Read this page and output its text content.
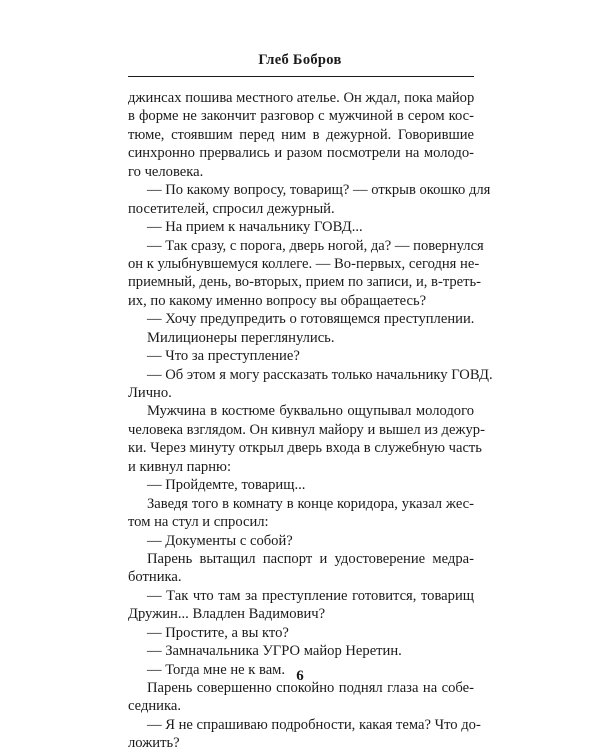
Глеб Бобров
джинсах пошива местного ателье. Он ждал, пока майор
в форме не закончит разговор с мужчиной в сером кос-
тюме, стоявшим перед ним в дежурной. Говорившие
синхронно прервались и разом посмотрели на молодо-
го человека.
— По какому вопросу, товарищ? — открыв окошко для
посетителей, спросил дежурный.
— На прием к начальнику ГОВД...
— Так сразу, с порога, дверь ногой, да? — повернулся
он к улыбнувшемуся коллеге. — Во-первых, сегодня не-
приемный, день, во-вторых, прием по записи, и, в-треть-
их, по какому именно вопросу вы обращаетесь?
— Хочу предупредить о готовящемся преступлении.
Милиционеры переглянулись.
— Что за преступление?
— Об этом я могу рассказать только начальнику ГОВД.
Лично.
Мужчина в костюме буквально ощупывал молодого
человека взглядом. Он кивнул майору и вышел из дежур-
ки. Через минуту открыл дверь входа в служебную часть
и кивнул парню:
— Пройдемте, товарищ...
Заведя того в комнату в конце коридора, указал жес-
том на стул и спросил:
— Документы с собой?
Парень вытащил паспорт и удостоверение медра-
ботника.
— Так что там за преступление готовится, товарищ
Дружин... Владлен Вадимович?
— Простите, а вы кто?
— Замначальника УГРО майор Неретин.
— Тогда мне не к вам.
Парень совершенно спокойно поднял глаза на собе-
седника.
— Я не спрашиваю подробности, какая тема? Что до-
ложить?
6
